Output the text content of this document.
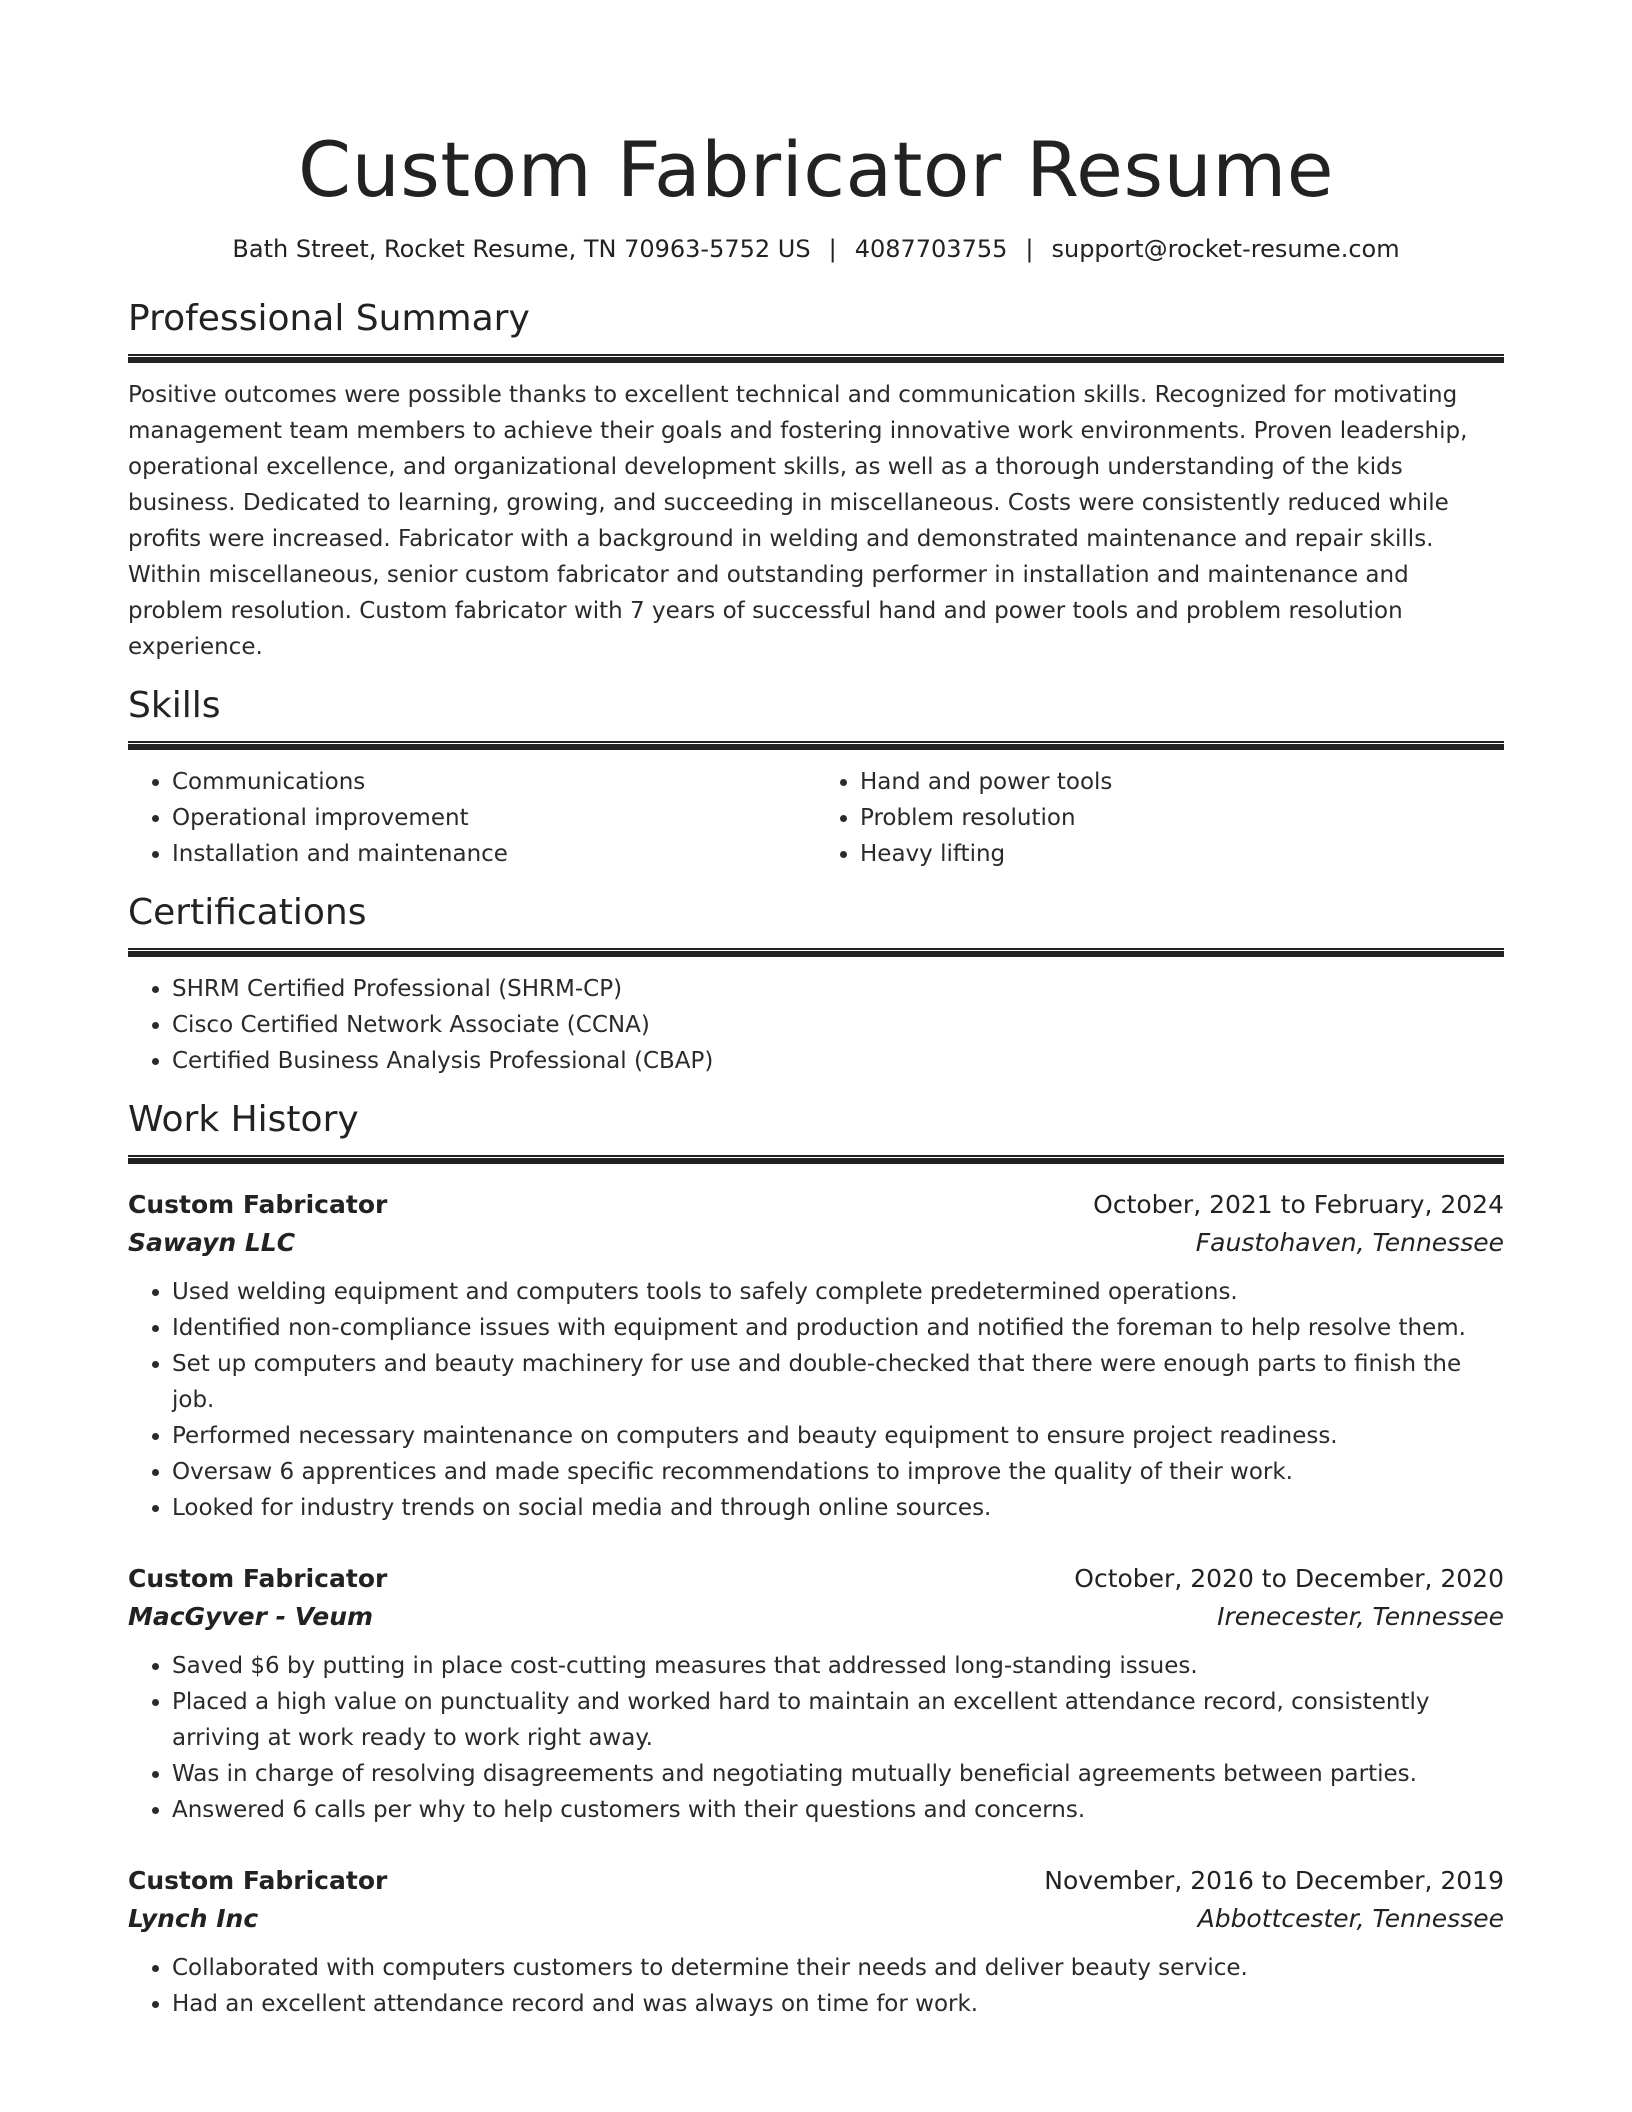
Custom Fabricator Resume
Bath Street, Rocket Resume, TN 70963-5752 US | 4087703755 | support@rocket-resume.com
Professional Summary

Positive outcomes were possible thanks to excellent technical and communication skills. Recognized for motivating management team members to achieve their goals and fostering innovative work environments. Proven leadership, operational excellence, and organizational development skills, as well as a thorough understanding of the kids business. Dedicated to learning, growing, and succeeding in miscellaneous. Costs were consistently reduced while profits were increased. Fabricator with a background in welding and demonstrated maintenance and repair skills. Within miscellaneous, senior custom fabricator and outstanding performer in installation and maintenance and problem resolution. Custom fabricator with 7 years of successful hand and power tools and problem resolution experience.

Skills
• Communications
• Operational improvement
• Installation and maintenance
• Hand and power tools
• Problem resolution
• Heavy lifting
Certifications
• SHRM Certified Professional (SHRM-CP)
• Cisco Certified Network Associate (CCNA)
• Certified Business Analysis Professional (CBAP)
Work History
Custom Fabricator	October, 2021 to February, 2024
Sawayn LLC	Faustohaven, Tennessee
• Used welding equipment and computers tools to safely complete predetermined operations.
• Identified non-compliance issues with equipment and production and notified the foreman to help resolve them.
• Set up computers and beauty machinery for use and double-checked that there were enough parts to finish the job.
• Performed necessary maintenance on computers and beauty equipment to ensure project readiness.
• Oversaw 6 apprentices and made specific recommendations to improve the quality of their work.
• Looked for industry trends on social media and through online sources.
Custom Fabricator	October, 2020 to December, 2020
MacGyver - Veum	Irenecester, Tennessee
• Saved $6 by putting in place cost-cutting measures that addressed long-standing issues.
• Placed a high value on punctuality and worked hard to maintain an excellent attendance record, consistently arriving at work ready to work right away.
• Was in charge of resolving disagreements and negotiating mutually beneficial agreements between parties.
• Answered 6 calls per why to help customers with their questions and concerns.
Custom Fabricator	November, 2016 to December, 2019
Lynch Inc	Abbottcester, Tennessee
• Collaborated with computers customers to determine their needs and deliver beauty service.
• Had an excellent attendance record and was always on time for work.
